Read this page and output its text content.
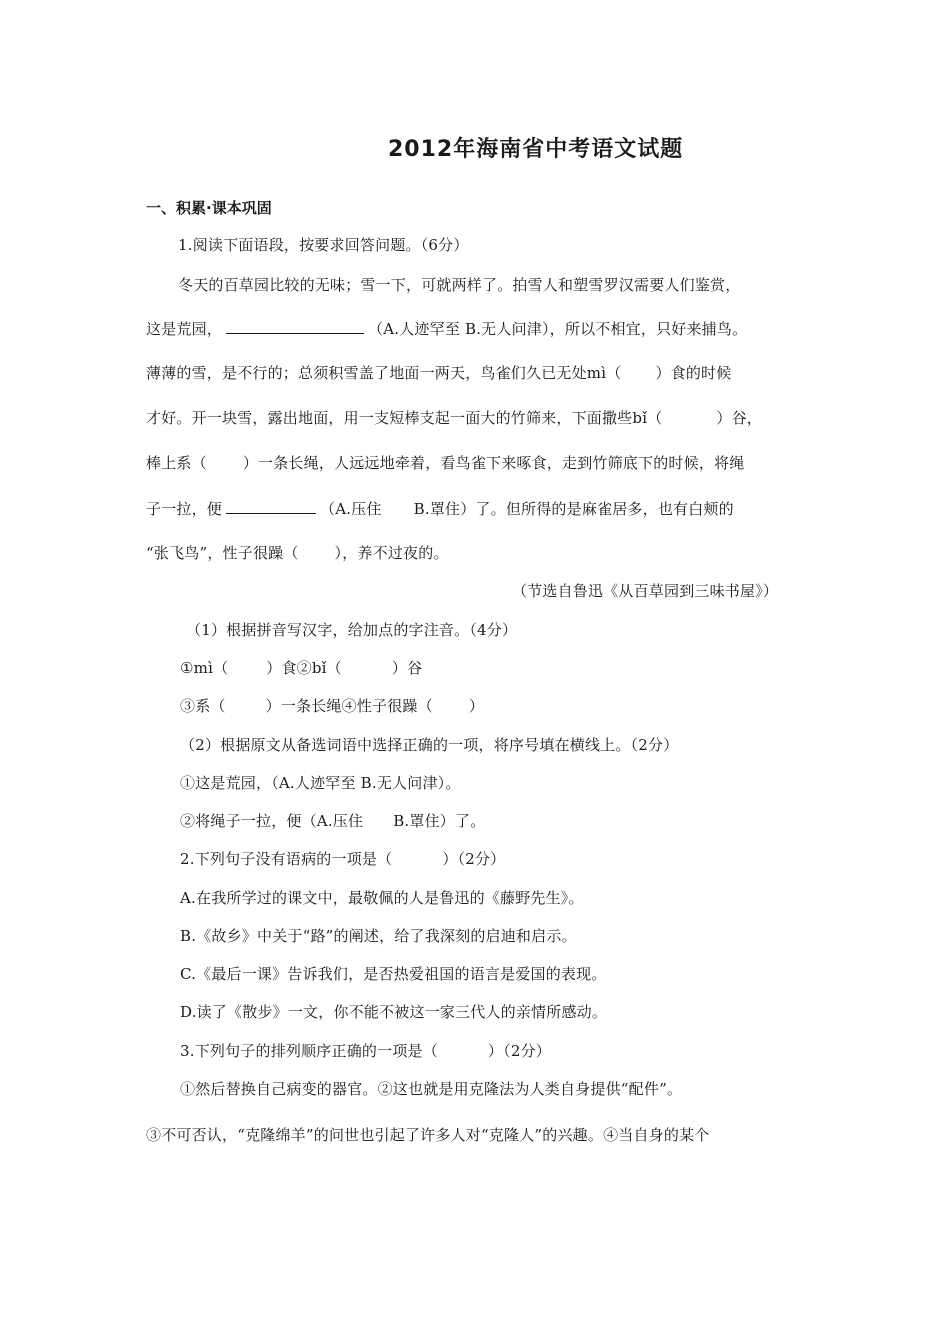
2012年海南省中考语文试题
一、积累·课本巩固
1.阅读下面语段，按要求回答问题。（6分）
冬天的百草园比较的无味；雪一下，可就两样了。拍雪人和塑雪罗汉需要人们鉴赏，
这是荒园，	（A.人迹罕至 B.无人问津），所以不相宜，只好来捕鸟。
薄薄的雪，是不行的；总须积雪盖了地面一两天，鸟雀们久已无处mì（ ）食的时候
才好。开一块雪，露出地面，用一支短棒支起一面大的竹筛来，下面撒些bǐ（	）谷，
棒上系（ ）一条长绳，人远远地牵着，看鸟雀下来啄食，走到竹筛底下的时候，将绳
子一拉，便	（A.压住 B.罩住）了。但所得的是麻雀居多，也有白颊的
“张飞鸟”，性子很躁（ ），养不过夜的。
（节选自鲁迅《从百草园到三味书屋》）
（1）根据拼音写汉字，给加点的字注音。（4分）
①mì（	）食②bǐ（	）谷
③系（	）一条长绳④性子很躁（ ）
（2）根据原文从备选词语中选择正确的一项，将序号填在横线上。（2分）
①这是荒园，（A.人迹罕至 B.无人问津）。
②将绳子一拉，便（A.压住 B.罩住）了。
2.下列句子没有语病的一项是（	）（2分）
A.在我所学过的课文中，最敬佩的人是鲁迅的《藤野先生》。
B.《故乡》中关于“路”的阐述，给了我深刻的启迪和启示。
C.《最后一课》告诉我们，是否热爱祖国的语言是爱国的表现。
D.读了《散步》一文，你不能不被这一家三代人的亲情所感动。
3.下列句子的排列顺序正确的一项是（	）（2分）
①然后替换自己病变的器官。②这也就是用克隆法为人类自身提供“配件”。
③不可否认，“克隆绵羊”的问世也引起了许多人对“克隆人”的兴趣。④当自身的某个
